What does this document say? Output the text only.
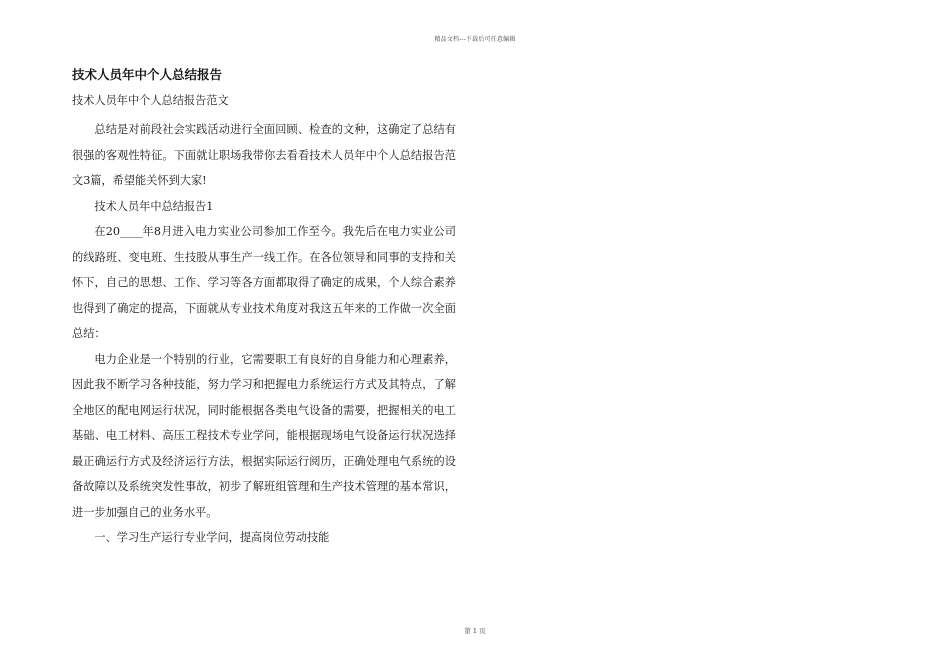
精品文档---下载后可任意编辑
技术人员年中个人总结报告
技术人员年中个人总结报告范文

总结是对前段社会实践活动进行全面回顾、检查的文种，这确定了总结有很强的客观性特征。下面就让职场我带你去看看技术人员年中个人总结报告范文3篇，希望能关怀到大家!

技术人员年中总结报告1

在20____年8月进入电力实业公司参加工作至今。我先后在电力实业公司的线路班、变电班、生技股从事生产一线工作。在各位领导和同事的支持和关怀下，自己的思想、工作、学习等各方面都取得了确定的成果，个人综合素养也得到了确定的提高，下面就从专业技术角度对我这五年来的工作做一次全面总结：

电力企业是一个特别的行业，它需要职工有良好的自身能力和心理素养，因此我不断学习各种技能，努力学习和把握电力系统运行方式及其特点，了解全地区的配电网运行状况，同时能根据各类电气设备的需要，把握相关的电工基础、电工材料、高压工程技术专业学问，能根据现场电气设备运行状况选择最正确运行方式及经济运行方法，根据实际运行阅历，正确处理电气系统的设备故障以及系统突发性事故，初步了解班组管理和生产技术管理的基本常识，进一步加强自己的业务水平。

一、学习生产运行专业学问，提高岗位劳动技能

第 1 页
